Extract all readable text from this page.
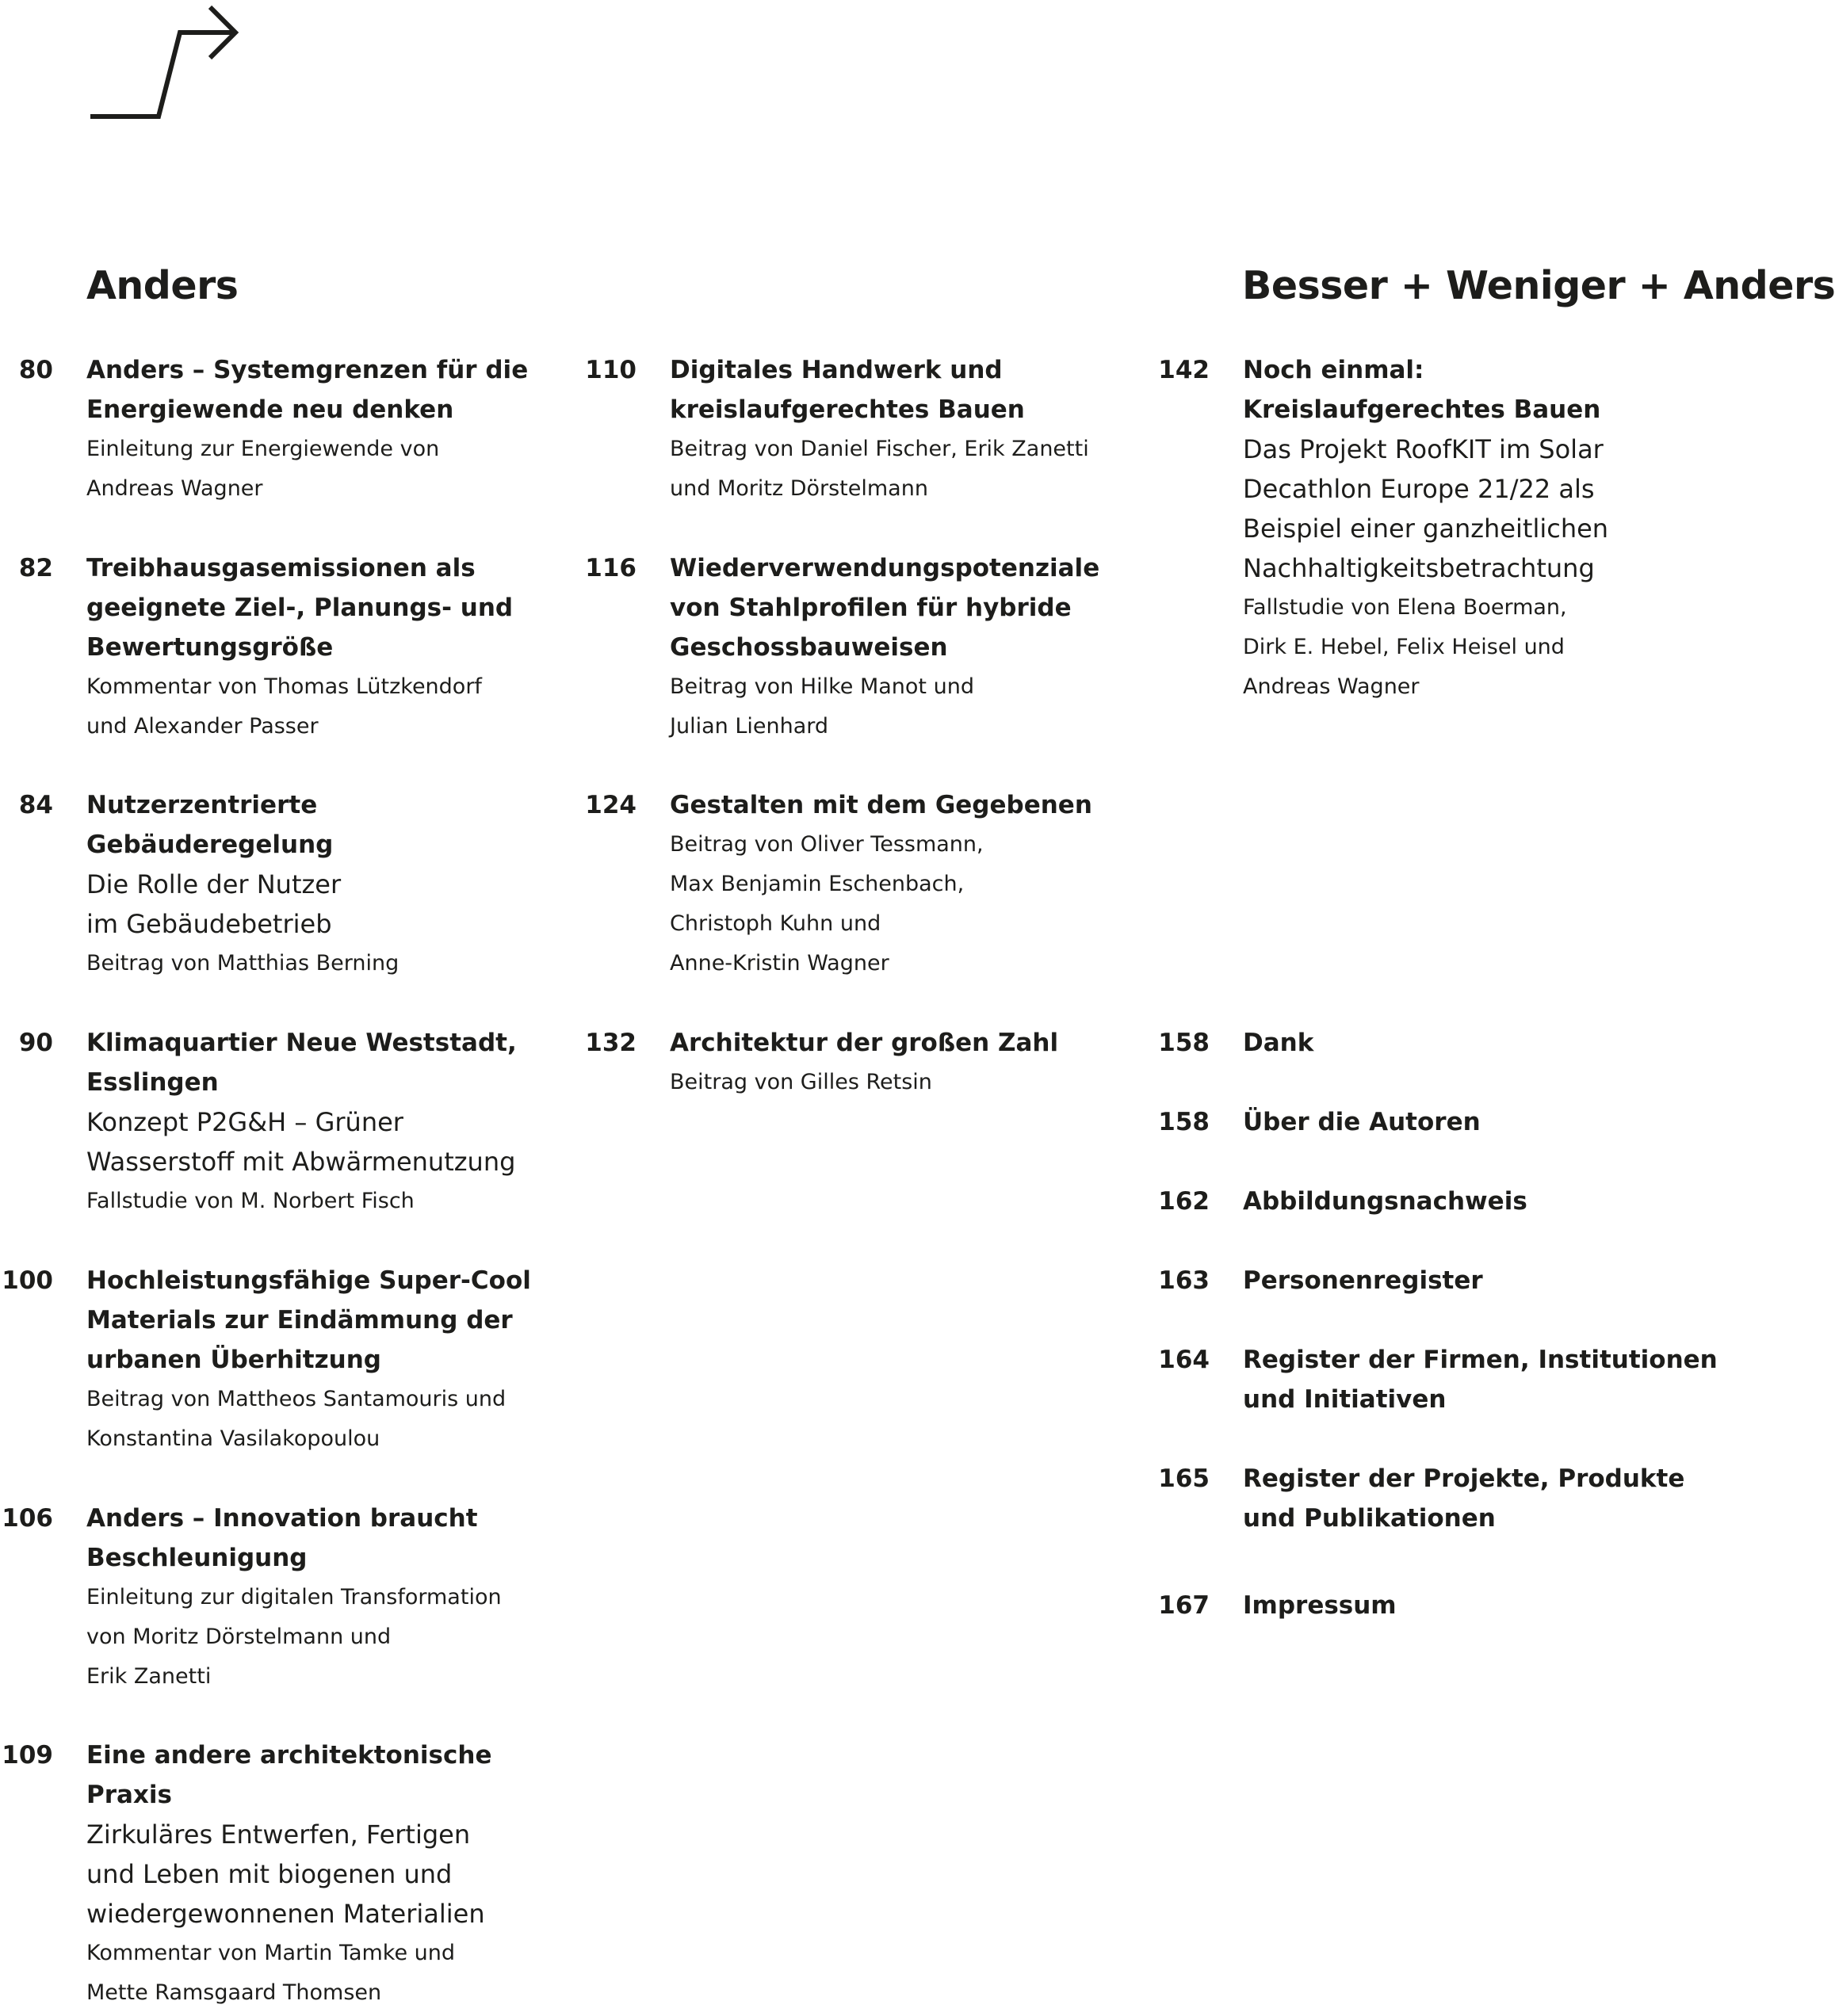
Anders	Besser + Weniger + Anders
80 Anders – Systemgrenzen für die
Energiewende neu denken
Einleitung zur Energiewende von
Andreas Wagner
82 Treibhausgasemissionen als
geeignete Ziel-, Planungs- und
Bewertungsgröße
Kommentar von Thomas Lützkendorf
und Alexander Passer
84 Nutzerzentrierte
Gebäuderegelung
Die Rolle der Nutzer
im Gebäudebetrieb
Beitrag von Matthias Berning
90 Klimaquartier Neue Weststadt,
Esslingen
Konzept P2G&H – Grüner
Wasserstoff mit Abwärmenutzung
Fallstudie von M. Norbert Fisch
100 Hochleistungsfähige Super-Cool
Materials zur Eindämmung der
urbanen Überhitzung
Beitrag von Mattheos Santamouris und
Konstantina Vasilakopoulou
106 Anders – Innovation braucht
Beschleunigung
Einleitung zur digitalen Transformation
von Moritz Dörstelmann und
Erik Zanetti
109 Eine andere architektonische
Praxis
Zirkuläres Entwerfen, Fertigen
und Leben mit biogenen und
wiedergewonnenen Materialien
Kommentar von Martin Tamke und
Mette Ramsgaard Thomsen
110 Digitales Handwerk und
kreislaufgerechtes Bauen
Beitrag von Daniel Fischer, Erik Zanetti
und Moritz Dörstelmann
116 Wiederverwendungspotenziale
von Stahlprofilen für hybride
Geschossbauweisen
Beitrag von Hilke Manot und
Julian Lienhard
124 Gestalten mit dem Gegebenen
Beitrag von Oliver Tessmann,
Max Benjamin Eschenbach,
Christoph Kuhn und
Anne-Kristin Wagner
132 Architektur der großen Zahl
Beitrag von Gilles Retsin
142 Noch einmal:
Kreislaufgerechtes Bauen
Das Projekt RoofKIT im Solar
Decathlon Europe 21/22 als
Beispiel einer ganzheitlichen
Nachhaltigkeitsbetrachtung
Fallstudie von Elena Boerman,
Dirk E. Hebel, Felix Heisel und
Andreas Wagner
158 Dank
158 Über die Autoren
162 Abbildungsnachweis
163 Personenregister
164 Register der Firmen, Institutionen
und Initiativen
165 Register der Projekte, Produkte
und Publikationen
167 Impressum
